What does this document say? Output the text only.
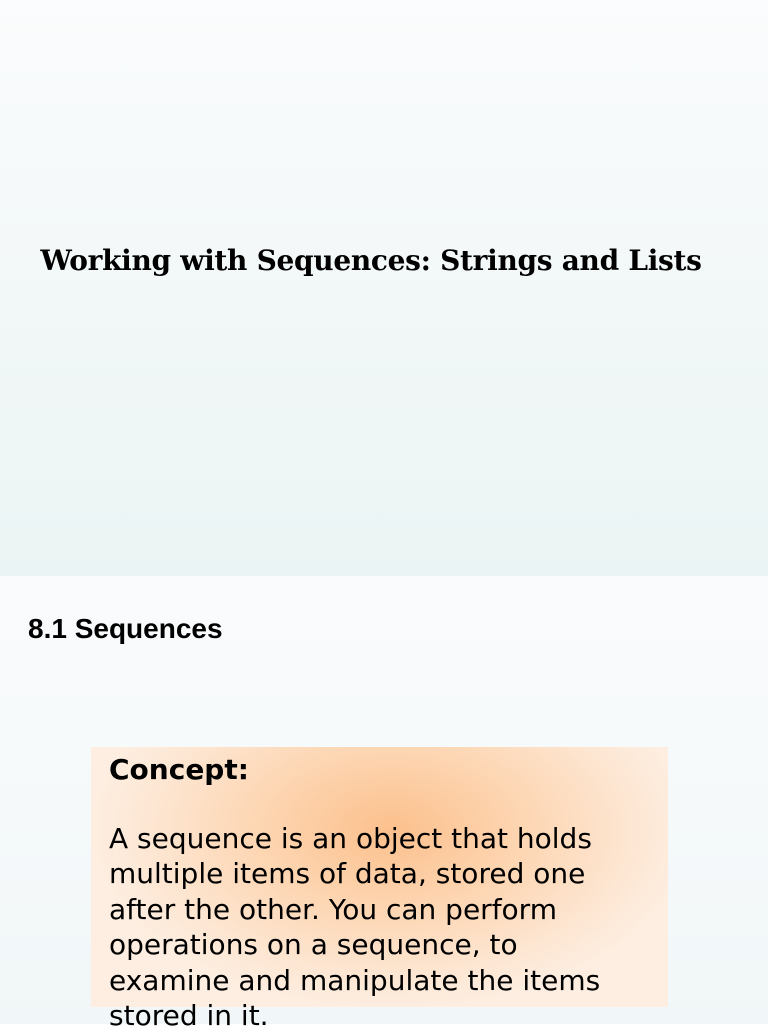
Working with Sequences: Strings and Lists
8.1 Sequences
Concept:
A sequence is an object that holds
multiple items of data, stored one
after the other. You can perform
operations on a sequence, to
examine and manipulate the items
stored in it.
